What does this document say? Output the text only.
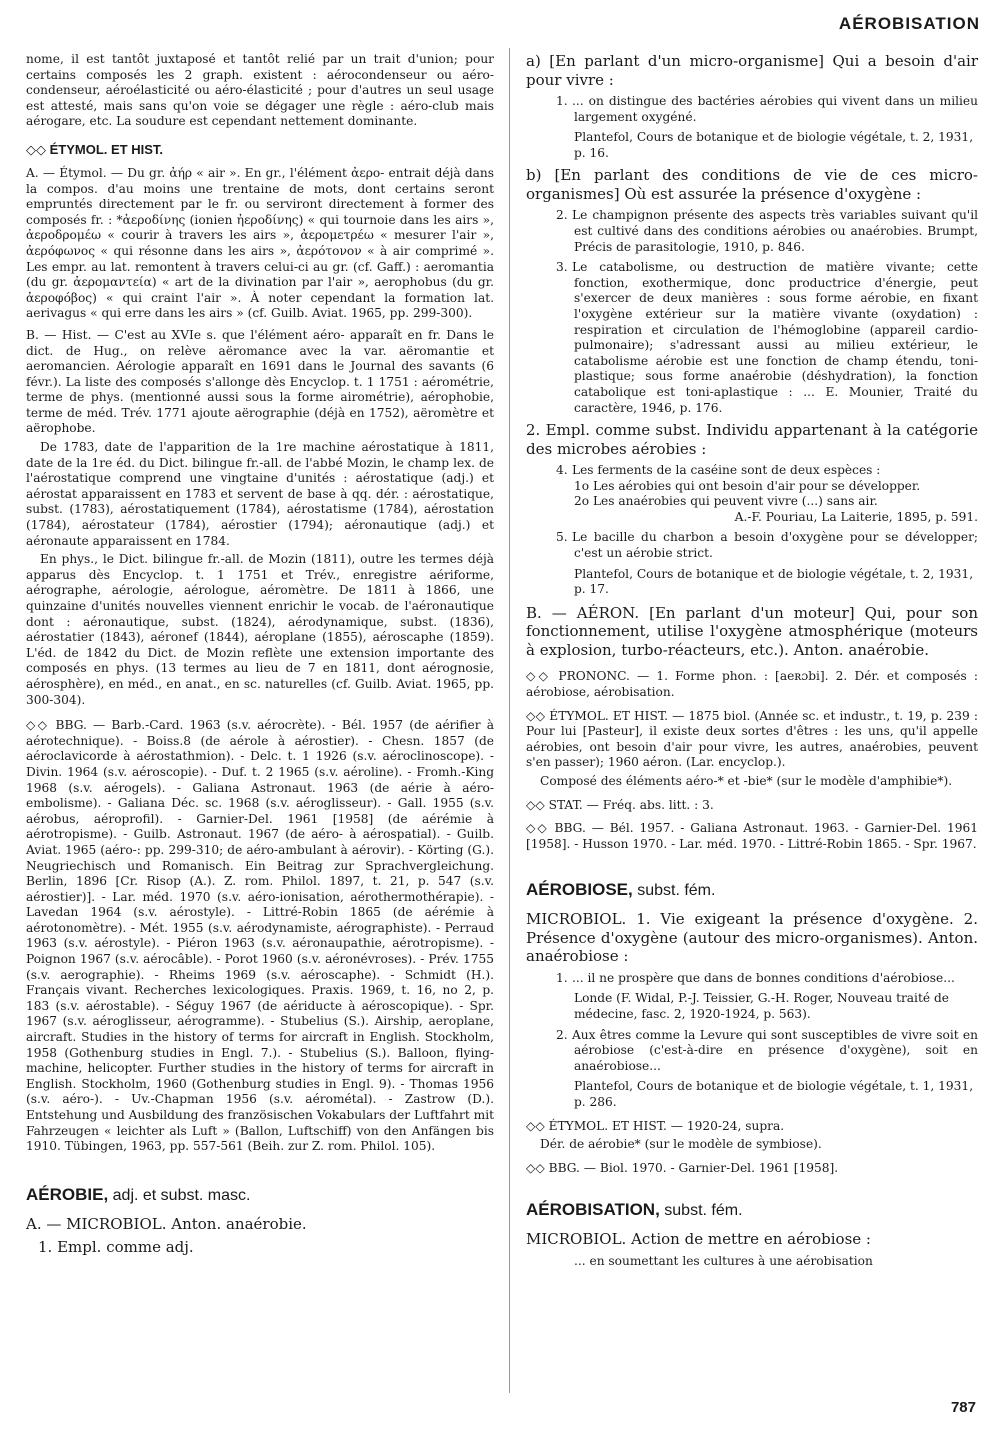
AÉROBISATION

nome, il est tantôt juxtaposé et tantôt relié par un trait d'union; pour certains composés les 2 graph. existent : aérocondenseur ou aéro-condenseur, aéroélasticité ou aéro-élasticité ; pour d'autres un seul usage est attesté, mais sans qu'on voie se dégager une règle : aéro-club mais aérogare, etc. La soudure est cependant nettement dominante.

◇◇ ÉTYMOL. ET HIST.

A. — Étymol. — Du gr. ἀήρ « air ». En gr., l'élément ἀερο- entrait déjà dans la compos. d'au moins une trentaine de mots, dont certains seront empruntés directement par le fr. ou serviront directement à former des composés fr. : *ἀεροδίνης (ionien ἠεροδίνης) « qui tournoie dans les airs », ἀεροδρομέω « courir à travers les airs », ἀερομετρέω « mesurer l'air », ἀερόφωνος « qui résonne dans les airs », ἀερότονον « à air comprimé ». Les empr. au lat. remontent à travers celui-ci au gr. (cf. Gaff.) : aeromantia (du gr. ἀερομαντεία) « art de la divination par l'air », aerophobus (du gr. ἀεροφόβος) « qui craint l'air ». À noter cependant la formation lat. aerivagus « qui erre dans les airs » (cf. Guilb. Aviat. 1965, pp. 299-300).

B. — Hist. — C'est au XVIe s. que l'élément aéro- apparaît en fr. Dans le dict. de Hug., on relève aëromance avec la var. aëromantie et aeromancien. Aérologie apparaît en 1691 dans le Journal des savants (6 févr.). La liste des composés s'allonge dès Encyclop. t. 1 1751 : aérométrie, terme de phys. (mentionné aussi sous la forme airométrie), aérophobie, terme de méd. Trév. 1771 ajoute aërographie (déjà en 1752), aëromètre et aërophobe.

De 1783, date de l'apparition de la 1re machine aérostatique à 1811, date de la 1re éd. du Dict. bilingue fr.-all. de l'abbé Mozin, le champ lex. de l'aérostatique comprend une vingtaine d'unités : aérostatique (adj.) et aérostat apparaissent en 1783 et servent de base à qq. dér. : aérostatique, subst. (1783), aérostatiquement (1784), aérostatisme (1784), aérostation (1784), aérostateur (1784), aérostier (1794); aéronautique (adj.) et aéronaute apparaissent en 1784.

En phys., le Dict. bilingue fr.-all. de Mozin (1811), outre les termes déjà apparus dès Encyclop. t. 1 1751 et Trév., enregistre aériforme, aérographe, aérologie, aérologue, aéromètre. De 1811 à 1866, une quinzaine d'unités nouvelles viennent enrichir le vocab. de l'aéronautique dont : aéronautique, subst. (1824), aérodynamique, subst. (1836), aérostatier (1843), aéronef (1844), aéroplane (1855), aéroscaphe (1859). L'éd. de 1842 du Dict. de Mozin reflète une extension importante des composés en phys. (13 termes au lieu de 7 en 1811, dont aérognosie, aérosphère), en méd., en anat., en sc. naturelles (cf. Guilb. Aviat. 1965, pp. 300-304).

◇◇ BBG. — Barb.-Card. 1963 (s.v. aérocrète). - Bél. 1957 (de aérifier à aérotechnique). - Boiss.8 (de aérole à aérostier). - Chesn. 1857 (de aéroclavicorde à aérostathmion). - Delc. t. 1 1926 (s.v. aéroclinoscope). - Divin. 1964 (s.v. aéroscopie). - Duf. t. 2 1965 (s.v. aéroline). - Fromh.-King 1968 (s.v. aérogels). - Galiana Astronaut. 1963 (de aérie à aéro-embolisme). - Galiana Déc. sc. 1968 (s.v. aéroglisseur). - Gall. 1955 (s.v. aérobus, aéroprofil). - Garnier-Del. 1961 [1958] (de aérémie à aérotropisme). - Guilb. Astronaut. 1967 (de aéro- à aérospatial). - Guilb. Aviat. 1965 (aéro-: pp. 299-310; de aéro-ambulant à aérovir). - Körting (G.). Neugriechisch und Romanisch. Ein Beitrag zur Sprachvergleichung. Berlin, 1896 [Cr. Risop (A.). Z. rom. Philol. 1897, t. 21, p. 547 (s.v. aérostier)]. - Lar. méd. 1970 (s.v. aéro-ionisation, aérothermothérapie). - Lavedan 1964 (s.v. aérostyle). - Littré-Robin 1865 (de aérémie à aérotonomètre). - Mét. 1955 (s.v. aérodynamiste, aérographiste). - Perraud 1963 (s.v. aérostyle). - Piéron 1963 (s.v. aéronaupathie, aérotropisme). - Poignon 1967 (s.v. aérocâble). - Porot 1960 (s.v. aéronévroses). - Prév. 1755 (s.v. aerographie). - Rheims 1969 (s.v. aéroscaphe). - Schmidt (H.). Français vivant. Recherches lexicologiques. Praxis. 1969, t. 16, no 2, p. 183 (s.v. aérostable). - Séguy 1967 (de aériducte à aéroscopique). - Spr. 1967 (s.v. aéroglisseur, aérogramme). - Stubelius (S.). Airship, aeroplane, aircraft. Studies in the history of terms for aircraft in English. Stockholm, 1958 (Gothenburg studies in Engl. 7.). - Stubelius (S.). Balloon, flying-machine, helicopter. Further studies in the history of terms for aircraft in English. Stockholm, 1960 (Gothenburg studies in Engl. 9). - Thomas 1956 (s.v. aéro-). - Uv.-Chapman 1956 (s.v. aérométal). - Zastrow (D.). Entstehung und Ausbildung des französischen Vokabulars der Luftfahrt mit Fahrzeugen « leichter als Luft » (Ballon, Luftschiff) von den Anfängen bis 1910. Tübingen, 1963, pp. 557-561 (Beih. zur Z. rom. Philol. 105).

AÉROBIE, adj. et subst. masc.

A. — MICROBIOL. Anton. anaérobie.

1. Empl. comme adj.

a) [En parlant d'un micro-organisme] Qui a besoin d'air pour vivre :

1. ... on distingue des bactéries aérobies qui vivent dans un milieu largement oxygéné.

Plantefol, Cours de botanique et de biologie végétale, t. 2, 1931, p. 16.

b) [En parlant des conditions de vie de ces micro-organismes] Où est assurée la présence d'oxygène :

2. Le champignon présente des aspects très variables suivant qu'il est cultivé dans des conditions aérobies ou anaérobies. Brumpt, Précis de parasitologie, 1910, p. 846.

3. Le catabolisme, ou destruction de matière vivante; cette fonction, exothermique, donc productrice d'énergie, peut s'exercer de deux manières : sous forme aérobie, en fixant l'oxygène extérieur sur la matière vivante (oxydation) : respiration et circulation de l'hémoglobine (appareil cardio-pulmonaire); s'adressant aussi au milieu extérieur, le catabolisme aérobie est une fonction de champ étendu, toni-plastique; sous forme anaérobie (déshydration), la fonction catabolique est toni-aplastique : ... E. Mounier, Traité du caractère, 1946, p. 176.

2. Empl. comme subst. Individu appartenant à la catégorie des microbes aérobies :

4. Les ferments de la caséine sont de deux espèces :

1o Les aérobies qui ont besoin d'air pour se développer.

2o Les anaérobies qui peuvent vivre (...) sans air.

A.-F. Pouriau, La Laiterie, 1895, p. 591.

5. Le bacille du charbon a besoin d'oxygène pour se développer; c'est un aérobie strict.

Plantefol, Cours de botanique et de biologie végétale, t. 2, 1931, p. 17.

B. — AÉRON. [En parlant d'un moteur] Qui, pour son fonctionnement, utilise l'oxygène atmosphérique (moteurs à explosion, turbo-réacteurs, etc.). Anton. anaérobie.

◇◇ PRONONC. — 1. Forme phon. : [aeʀɔbi]. 2. Dér. et composés : aérobiose, aérobisation.

◇◇ ÉTYMOL. ET HIST. — 1875 biol. (Année sc. et industr., t. 19, p. 239 : Pour lui [Pasteur], il existe deux sortes d'êtres : les uns, qu'il appelle aérobies, ont besoin d'air pour vivre, les autres, anaérobies, peuvent s'en passer); 1960 aéron. (Lar. encyclop.).

Composé des éléments aéro-* et -bie* (sur le modèle d'amphibie*).

◇◇ STAT. — Fréq. abs. litt. : 3.

◇◇ BBG. — Bél. 1957. - Galiana Astronaut. 1963. - Garnier-Del. 1961 [1958]. - Husson 1970. - Lar. méd. 1970. - Littré-Robin 1865. - Spr. 1967.

AÉROBIOSE, subst. fém.

MICROBIOL. 1. Vie exigeant la présence d'oxygène. 2. Présence d'oxygène (autour des micro-organismes). Anton. anaérobiose :

1. ... il ne prospère que dans de bonnes conditions d'aérobiose...

Londe (F. Widal, P.-J. Teissier, G.-H. Roger, Nouveau traité de médecine, fasc. 2, 1920-1924, p. 563).

2. Aux êtres comme la Levure qui sont susceptibles de vivre soit en aérobiose (c'est-à-dire en présence d'oxygène), soit en anaérobiose...

Plantefol, Cours de botanique et de biologie végétale, t. 1, 1931, p. 286.

◇◇ ÉTYMOL. ET HIST. — 1920-24, supra.

Dér. de aérobie* (sur le modèle de symbiose).

◇◇ BBG. — Biol. 1970. - Garnier-Del. 1961 [1958].

AÉROBISATION, subst. fém.

MICROBIOL. Action de mettre en aérobiose :

... en soumettant les cultures à une aérobisation

787
